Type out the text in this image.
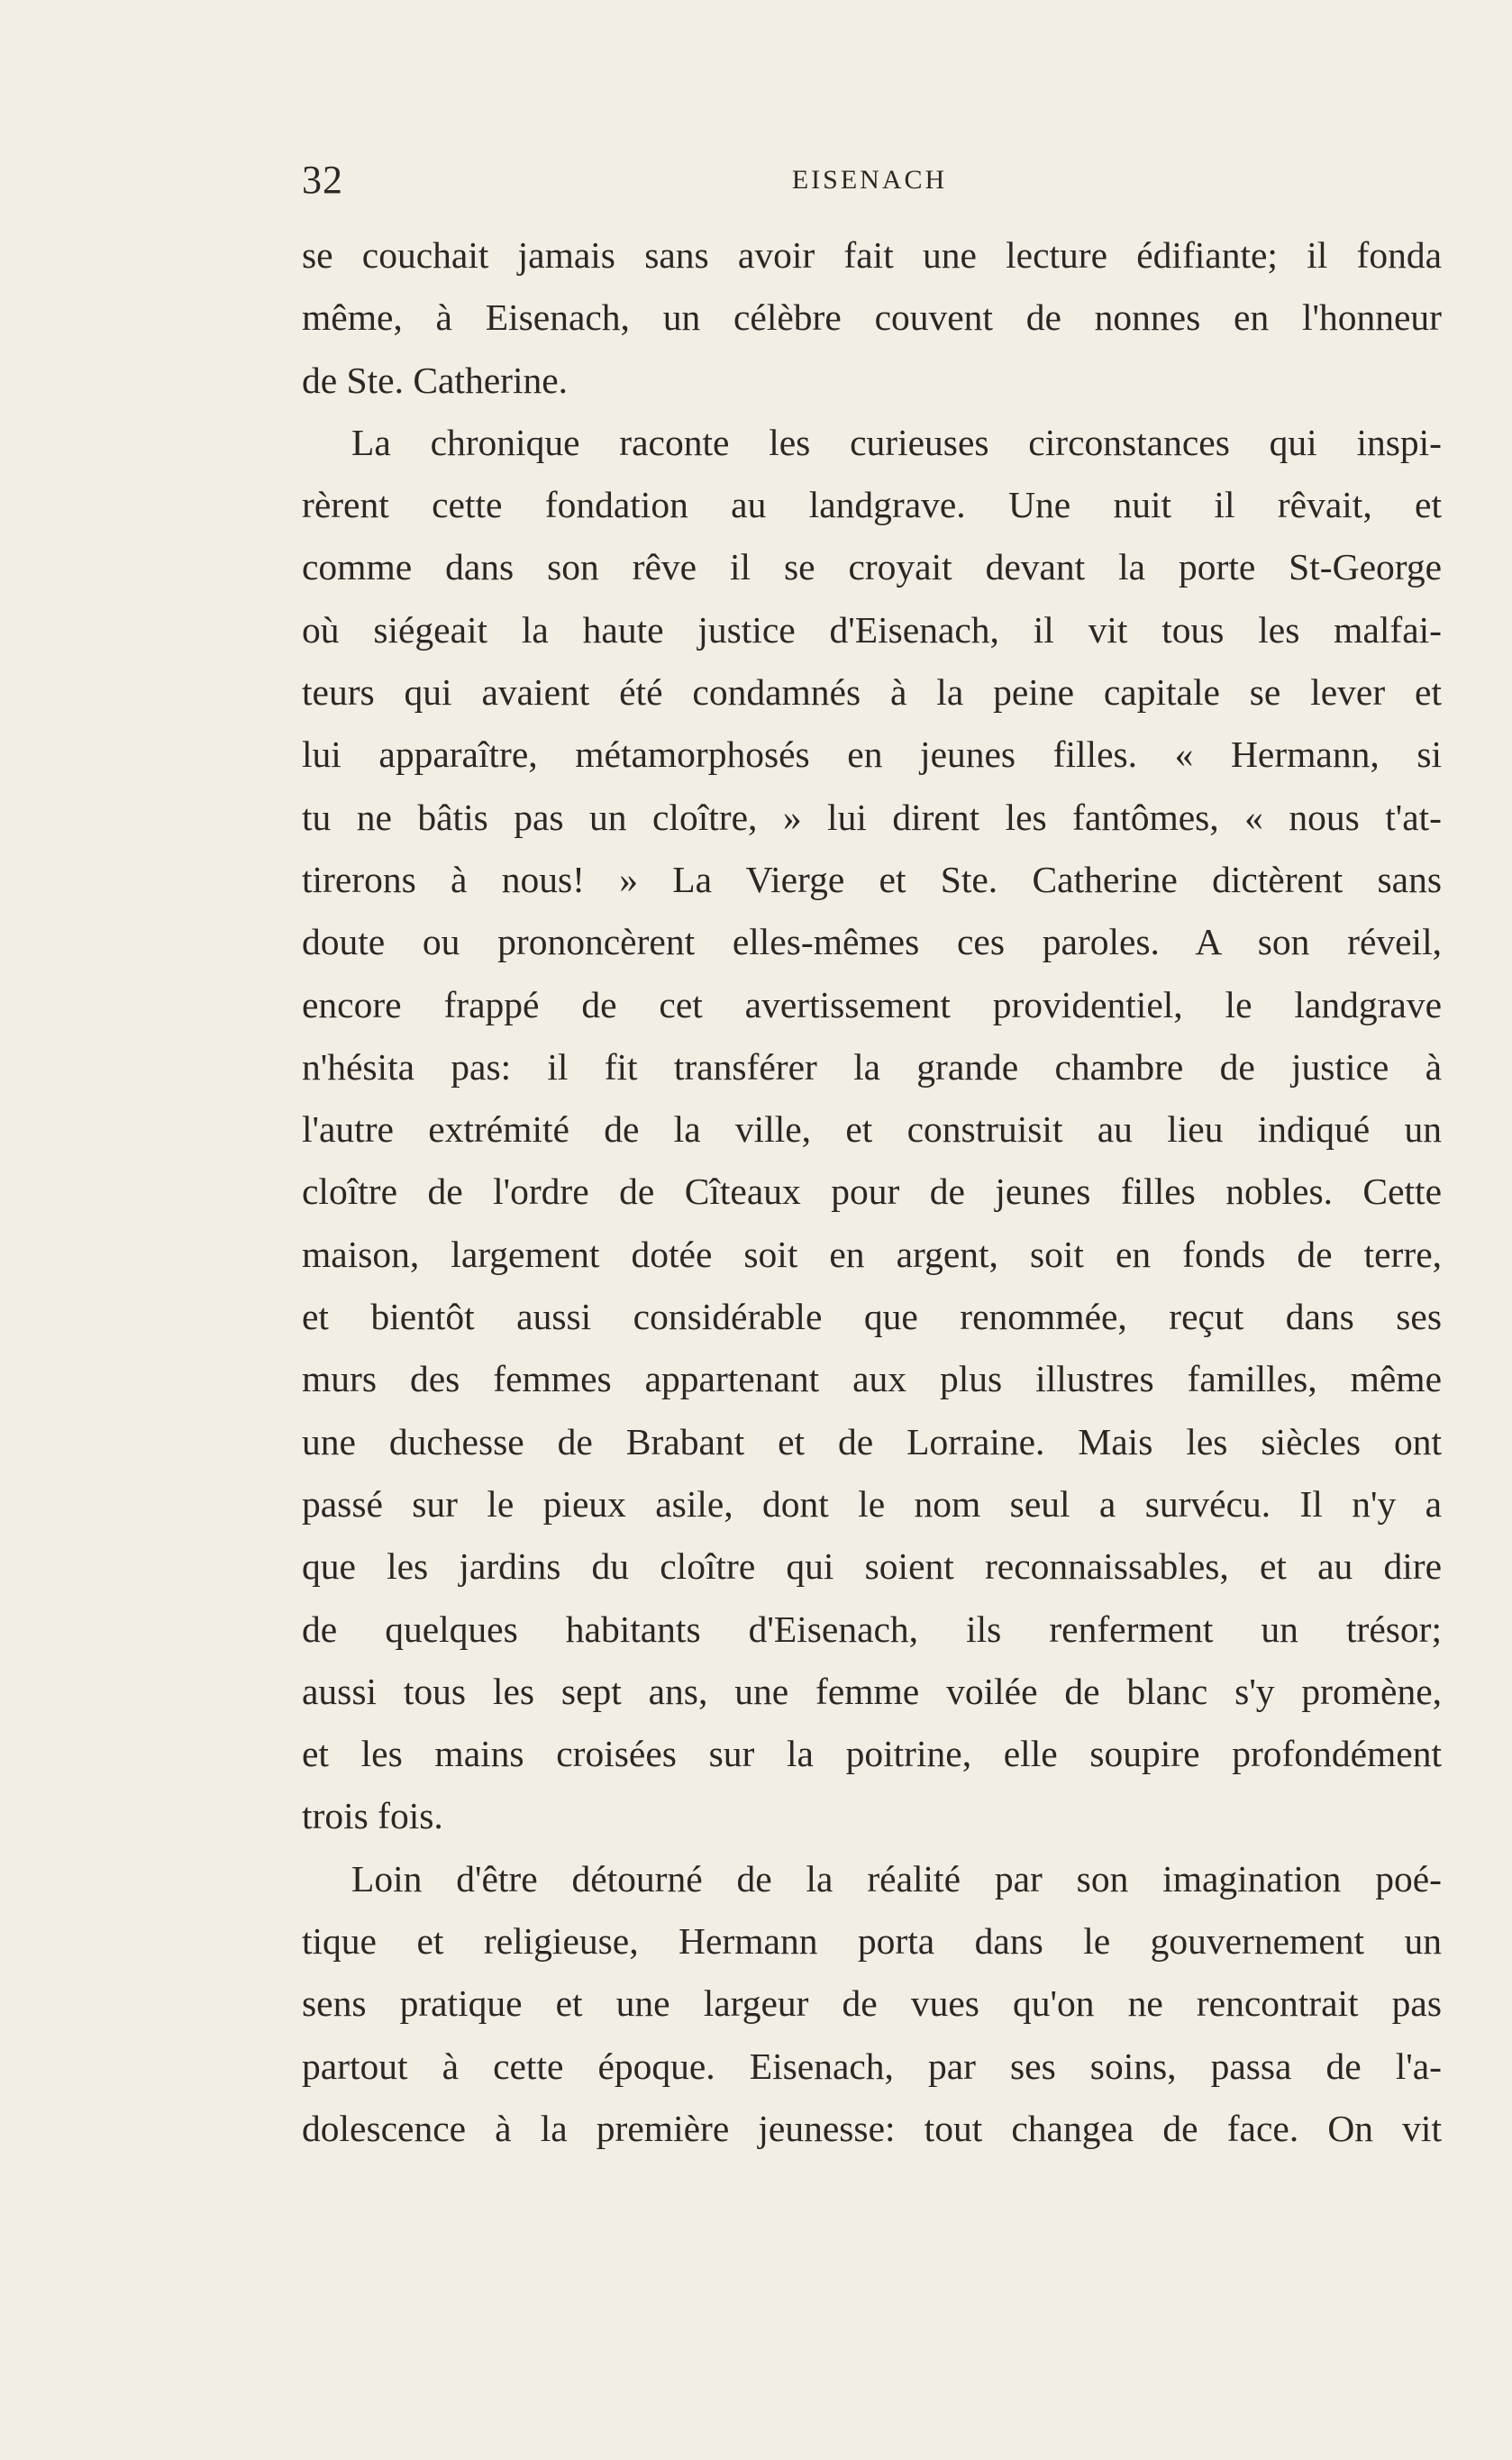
32	EISENACH
se couchait jamais sans avoir fait une lecture édifiante; il fonda
même, à Eisenach, un célèbre couvent de nonnes en l'honneur
de Ste. Catherine.
La chronique raconte les curieuses circonstances qui inspi-
rèrent cette fondation au landgrave. Une nuit il rêvait, et
comme dans son rêve il se croyait devant la porte St-George
où siégeait la haute justice d'Eisenach, il vit tous les malfai-
teurs qui avaient été condamnés à la peine capitale se lever et
lui apparaître, métamorphosés en jeunes filles. « Hermann, si
tu ne bâtis pas un cloître, » lui dirent les fantômes, « nous t'at-
tirerons à nous! » La Vierge et Ste. Catherine dictèrent sans
doute ou prononcèrent elles-mêmes ces paroles. A son réveil,
encore frappé de cet avertissement providentiel, le landgrave
n'hésita pas: il fit transférer la grande chambre de justice à
l'autre extrémité de la ville, et construisit au lieu indiqué un
cloître de l'ordre de Cîteaux pour de jeunes filles nobles. Cette
maison, largement dotée soit en argent, soit en fonds de terre,
et bientôt aussi considérable que renommée, reçut dans ses
murs des femmes appartenant aux plus illustres familles, même
une duchesse de Brabant et de Lorraine. Mais les siècles ont
passé sur le pieux asile, dont le nom seul a survécu. Il n'y a
que les jardins du cloître qui soient reconnaissables, et au dire
de quelques habitants d'Eisenach, ils renferment un trésor;
aussi tous les sept ans, une femme voilée de blanc s'y promène,
et les mains croisées sur la poitrine, elle soupire profondément
trois fois.
Loin d'être détourné de la réalité par son imagination poé-
tique et religieuse, Hermann porta dans le gouvernement un
sens pratique et une largeur de vues qu'on ne rencontrait pas
partout à cette époque. Eisenach, par ses soins, passa de l'a-
dolescence à la première jeunesse: tout changea de face. On vit
